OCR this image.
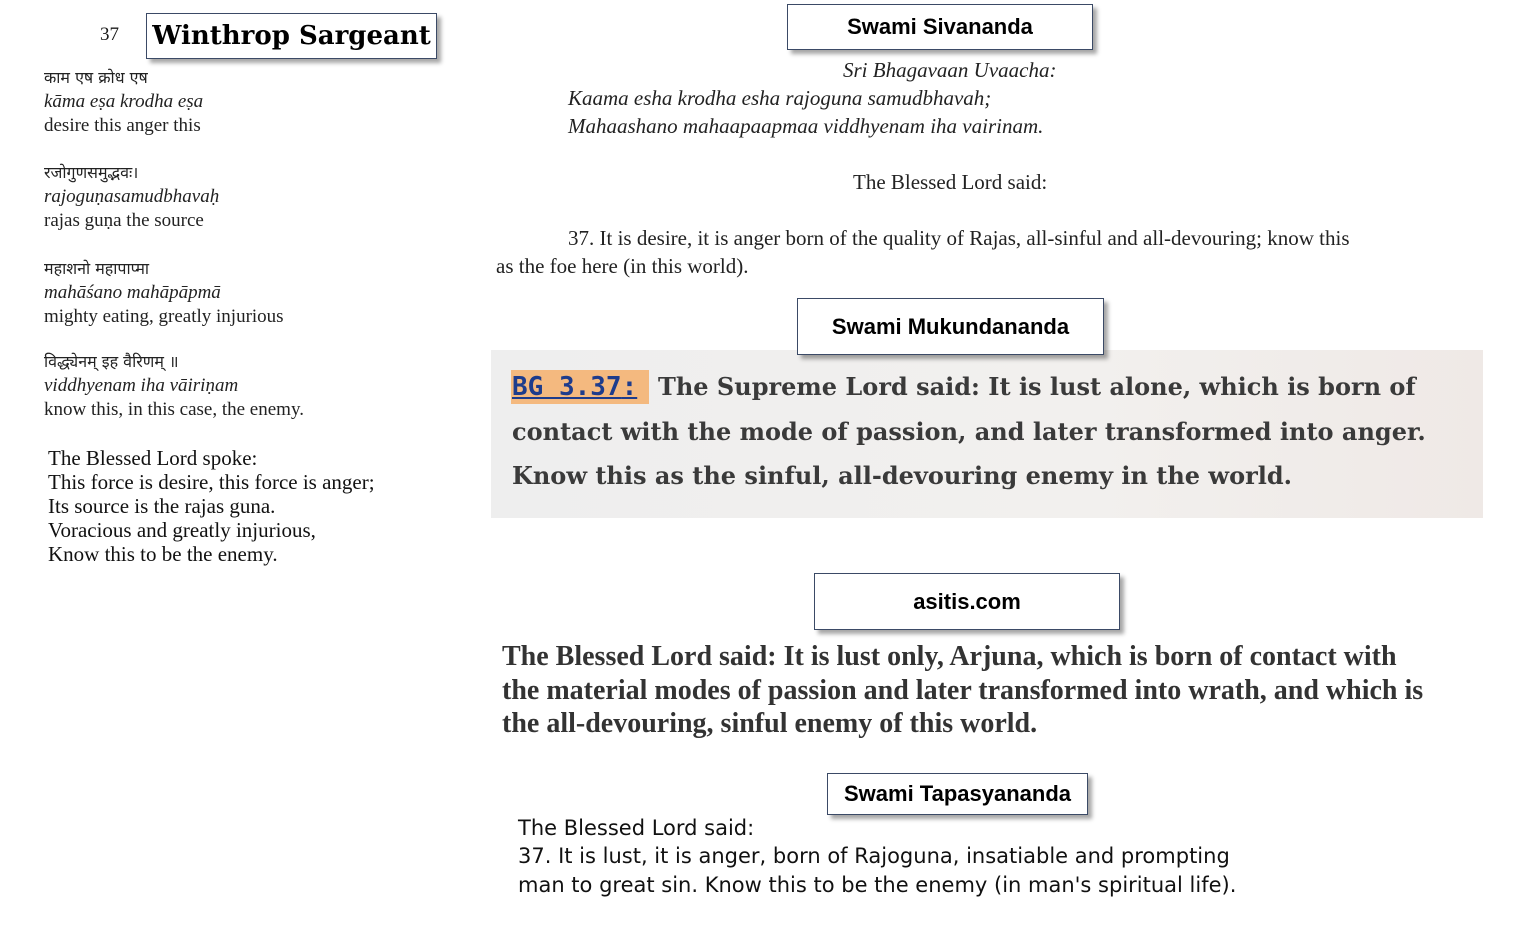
37 Winthrop Sargeant
काम एष क्रोध एष
kāma eṣa krodha eṣa
desire this anger this
रजोगुणसमुद्भवः।
rajoguṇasamudbhavaḥ
rajas guṇa the source
महाशनो महापाप्मा
mahāśano mahāpāpmā
mighty eating, greatly injurious
विद्ध्येनम् इह वैरिणम् ॥
viddhyenam iha vāiriṇam
know this, in this case, the enemy.
The Blessed Lord spoke:
This force is desire, this force is anger;
Its source is the rajas guna.
Voracious and greatly injurious,
Know this to be the enemy.
Swami Sivananda
Sri Bhagavaan Uvaacha:
Kaama esha krodha esha rajoguna samudbhavah;
Mahaashano mahaapaapmaa viddhyenam iha vairinam.
The Blessed Lord said:
37. It is desire, it is anger born of the quality of Rajas, all-sinful and all-devouring; know this
as the foe here (in this world).
Swami Mukundananda
BG 3.37: The Supreme Lord said: It is lust alone, which is born of
contact with the mode of passion, and later transformed into anger.
Know this as the sinful, all-devouring enemy in the world.
asitis.com
The Blessed Lord said: It is lust only, Arjuna, which is born of contact with
the material modes of passion and later transformed into wrath, and which is
the all-devouring, sinful enemy of this world.
Swami Tapasyananda
The Blessed Lord said:
37. It is lust, it is anger, born of Rajoguna, insatiable and prompting
man to great sin. Know this to be the enemy (in man's spiritual life).
